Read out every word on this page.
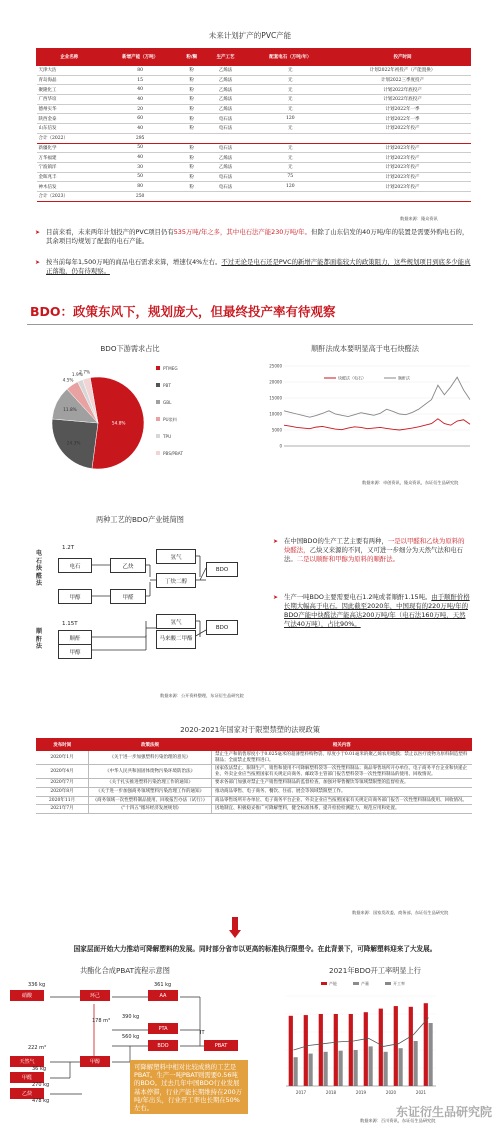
未来计划扩产的PVC产能
企业名称	新增产能（万吨）	粉/糊	生产工艺	配套电石（万吨/年）	投产时间
天津大沽	80	粉	乙烯法	无	计划2022年初投产（产能置换）
青岛海晶	15	粉	乙烯法	无	计划2022三季度投产
聚隆化工	40	粉	乙烯法	无	计划2022年底投产
广西华谊	40	粉	乙烯法	无	计划2022年底投产
德州实华	20	粉	乙烯法	无	计划2022年一季
陕西金泰	60	粉	电石法	120	计划2022年一季
山东信发	40	粉	电石法	无	计划2022年投产
合计（2022）	295				
新疆化学	50	粉	电石法	无	计划2023年投产
万华福建	40	粉	乙烯法	无	计划2023年投产
宁波镇洋	30	粉	乙烯法	无	计划2023年投产
金晖兆丰	50	粉	电石法	75	计划2023年投产
神木信发	80	粉	电石法	120	计划2023年投产
合计（2023）	250				
数据来源：隆众资讯
➤ 目前来看，未来两年计划投产的PVC项目仍有535万吨/年之多，其中电石法产能230万吨/年。但除了山东信发的40万吨/年的装置是需要外购电石的，其余项目均规划了配套的电石产能。
➤ 按当前每年1,500万吨的商品电石需求来算，增速仅4%左右。不过无论是电石还是PVC的新增产能都面临较大的政策阻力，这些规划项目到底多少能真正落地，仍有待观察。
BDO：政策东风下，规划庞大，但最终投产率有待观察
BDO下游需求占比
54.8%
24.3%
11.8%
4.5%
1.9%
2.7%
PTMEG
PBT
GBL
PU浆料
TPU
PBS/PBAT
顺酐法成本要明显高于电石炔醛法
25000
20000
15000
10000
5000
0
炔醛法（电石）	顺酐法
数据来源：卓创资讯，隆众资讯，东证衍生品研究院
两种工艺的BDO产业链简图
电石炔醛法
顺酐法
1.2T
1.15T
电石	乙炔
甲醇	甲醛
氢气
丁炔二醇
BDO
顺酐
甲醇
氢气
马来酸二甲酯
BDO
数据来源：公开资料整理，东证衍生品研究院
➤ 在中国BDO的生产工艺主要有两种，一是以甲醛和乙炔为原料的炔醛法，乙炔又来源的不同，又可进一步细分为天然气法和电石法。二是以顺酐和甲醇为原料的顺酐法。
➤ 生产一吨BDO主要需要电石1.2吨或者顺酐1.15吨。由于顺酐价格长期大幅高于电石。因此截至2020年，中国现有的220万吨/年的BDO产能中炔醛法产能高达200万吨/年（电石法160万吨，天然气法40万吨），占比90%。
2020-2021年国家对于限塑禁塑的法规政策
发布时间	政策法规	相关内容
2020年1月	《关于进一步加强塑料污染治理的意见》	禁止生产和销售厚度小于0.025毫米的超薄塑料购物袋、厚度小于0.01毫米的聚乙烯农用地膜；禁止以医疗废物为原料制造塑料制品；全面禁止废塑料进口。
2020年4月	《中华人民共和国固体废物污染环境防治法》	国家依法禁止、限制生产、销售和使用不可降解塑料袋等一次性塑料制品；商品零售场所开办单位、电子商务平台企业和快递企业、外卖企业应当按照国家有关规定向商务、邮政等主管部门报告塑料袋等一次性塑料制品的使用、回收情况。
2020年7月	《关于扎实推进塑料污染治理工作的通知》	要求各部门加强对禁止生产销售塑料制品的监督检查，加强对零售餐饮等领域禁限塑的监督检查。
2020年8月	《关于进一步加强商务领域塑料污染治理工作的通知》	推动商品零售、电子商务、餐饮、住宿、展会等领域禁限塑工作。
2020年11月	《商务领域一次性塑料制品使用、回收报告办法（试行）》	商品零售场所开办单位、电子商务平台企业、外卖企业应当按照国家有关规定向商务部门报告一次性塑料制品使用、回收情况。
2021年7月	《"十四五"循环经济发展规划》	因地制宜、积极稳妥推广可降解塑料，健全标准体系，提升检验检测能力，规范应用和处置。
数据来源：国家发改委，商务部，东证衍生品研究院
国家层面开始大力推动可降解塑料的发展。同时部分省市以更高的标准执行限塑令。在此背景下，可降解塑料迎来了大发展。
共酯化合成PBAT流程示意图
硝酸	环己	AA
PTA
BDO	PBAT
天然气	甲醇
甲醛
乙炔
IT
336 kg	361 kg
178 m³
222 m³
36 kg
270 kg
478 kg
560 kg
390 kg
可降解塑料中相对比较成熟的工艺是PBAT。生产一吨PBAT则需要0.56吨的BDO。过去几年中国BDO行业发展基本停滞，行业产能长期维持在200万吨/年出头，行业开工率也长期在50%左右。
2021年BDO开工率明显上行
2017	2018	2019	2020	2021
产能	产量	开工率
数据来源：百川资讯，东证衍生品研究院
东证衍生品研究院
